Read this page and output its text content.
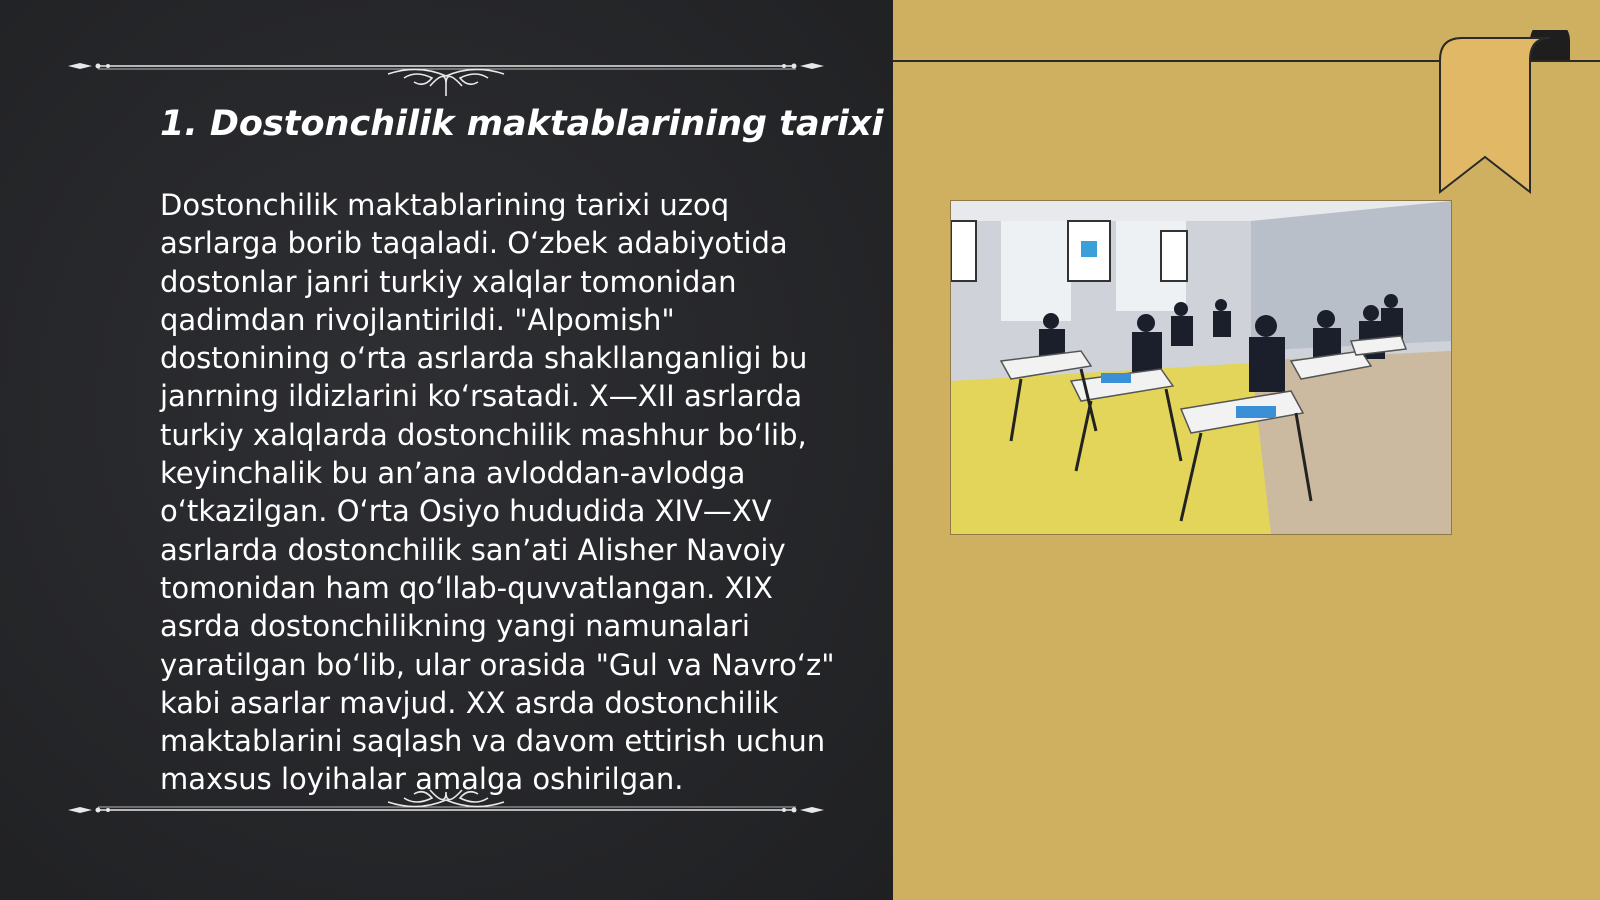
1. Dostonchilik maktablarining tarixi

Dostonchilik maktablarining tarixi uzoq asrlarga borib taqaladi. O‘zbek adabiyotida dostonlar janri turkiy xalqlar tomonidan qadimdan rivojlantirildi. "Alpomish" dostonining o‘rta asrlarda shakllanganligi bu janrning ildizlarini ko‘rsatadi. X—XII asrlarda turkiy xalqlarda dostonchilik mashhur bo‘lib, keyinchalik bu an’ana avloddan-avlodga o‘tkazilgan. O‘rta Osiyo hududida XIV—XV asrlarda dostonchilik san’ati Alisher Navoiy tomonidan ham qo‘llab-quvvatlangan. XIX asrda dostonchilikning yangi namunalari yaratilgan bo‘lib, ular orasida "Gul va Navro‘z" kabi asarlar mavjud. XX asrda dostonchilik maktablarini saqlash va davom ettirish uchun maxsus loyihalar amalga oshirilgan.
